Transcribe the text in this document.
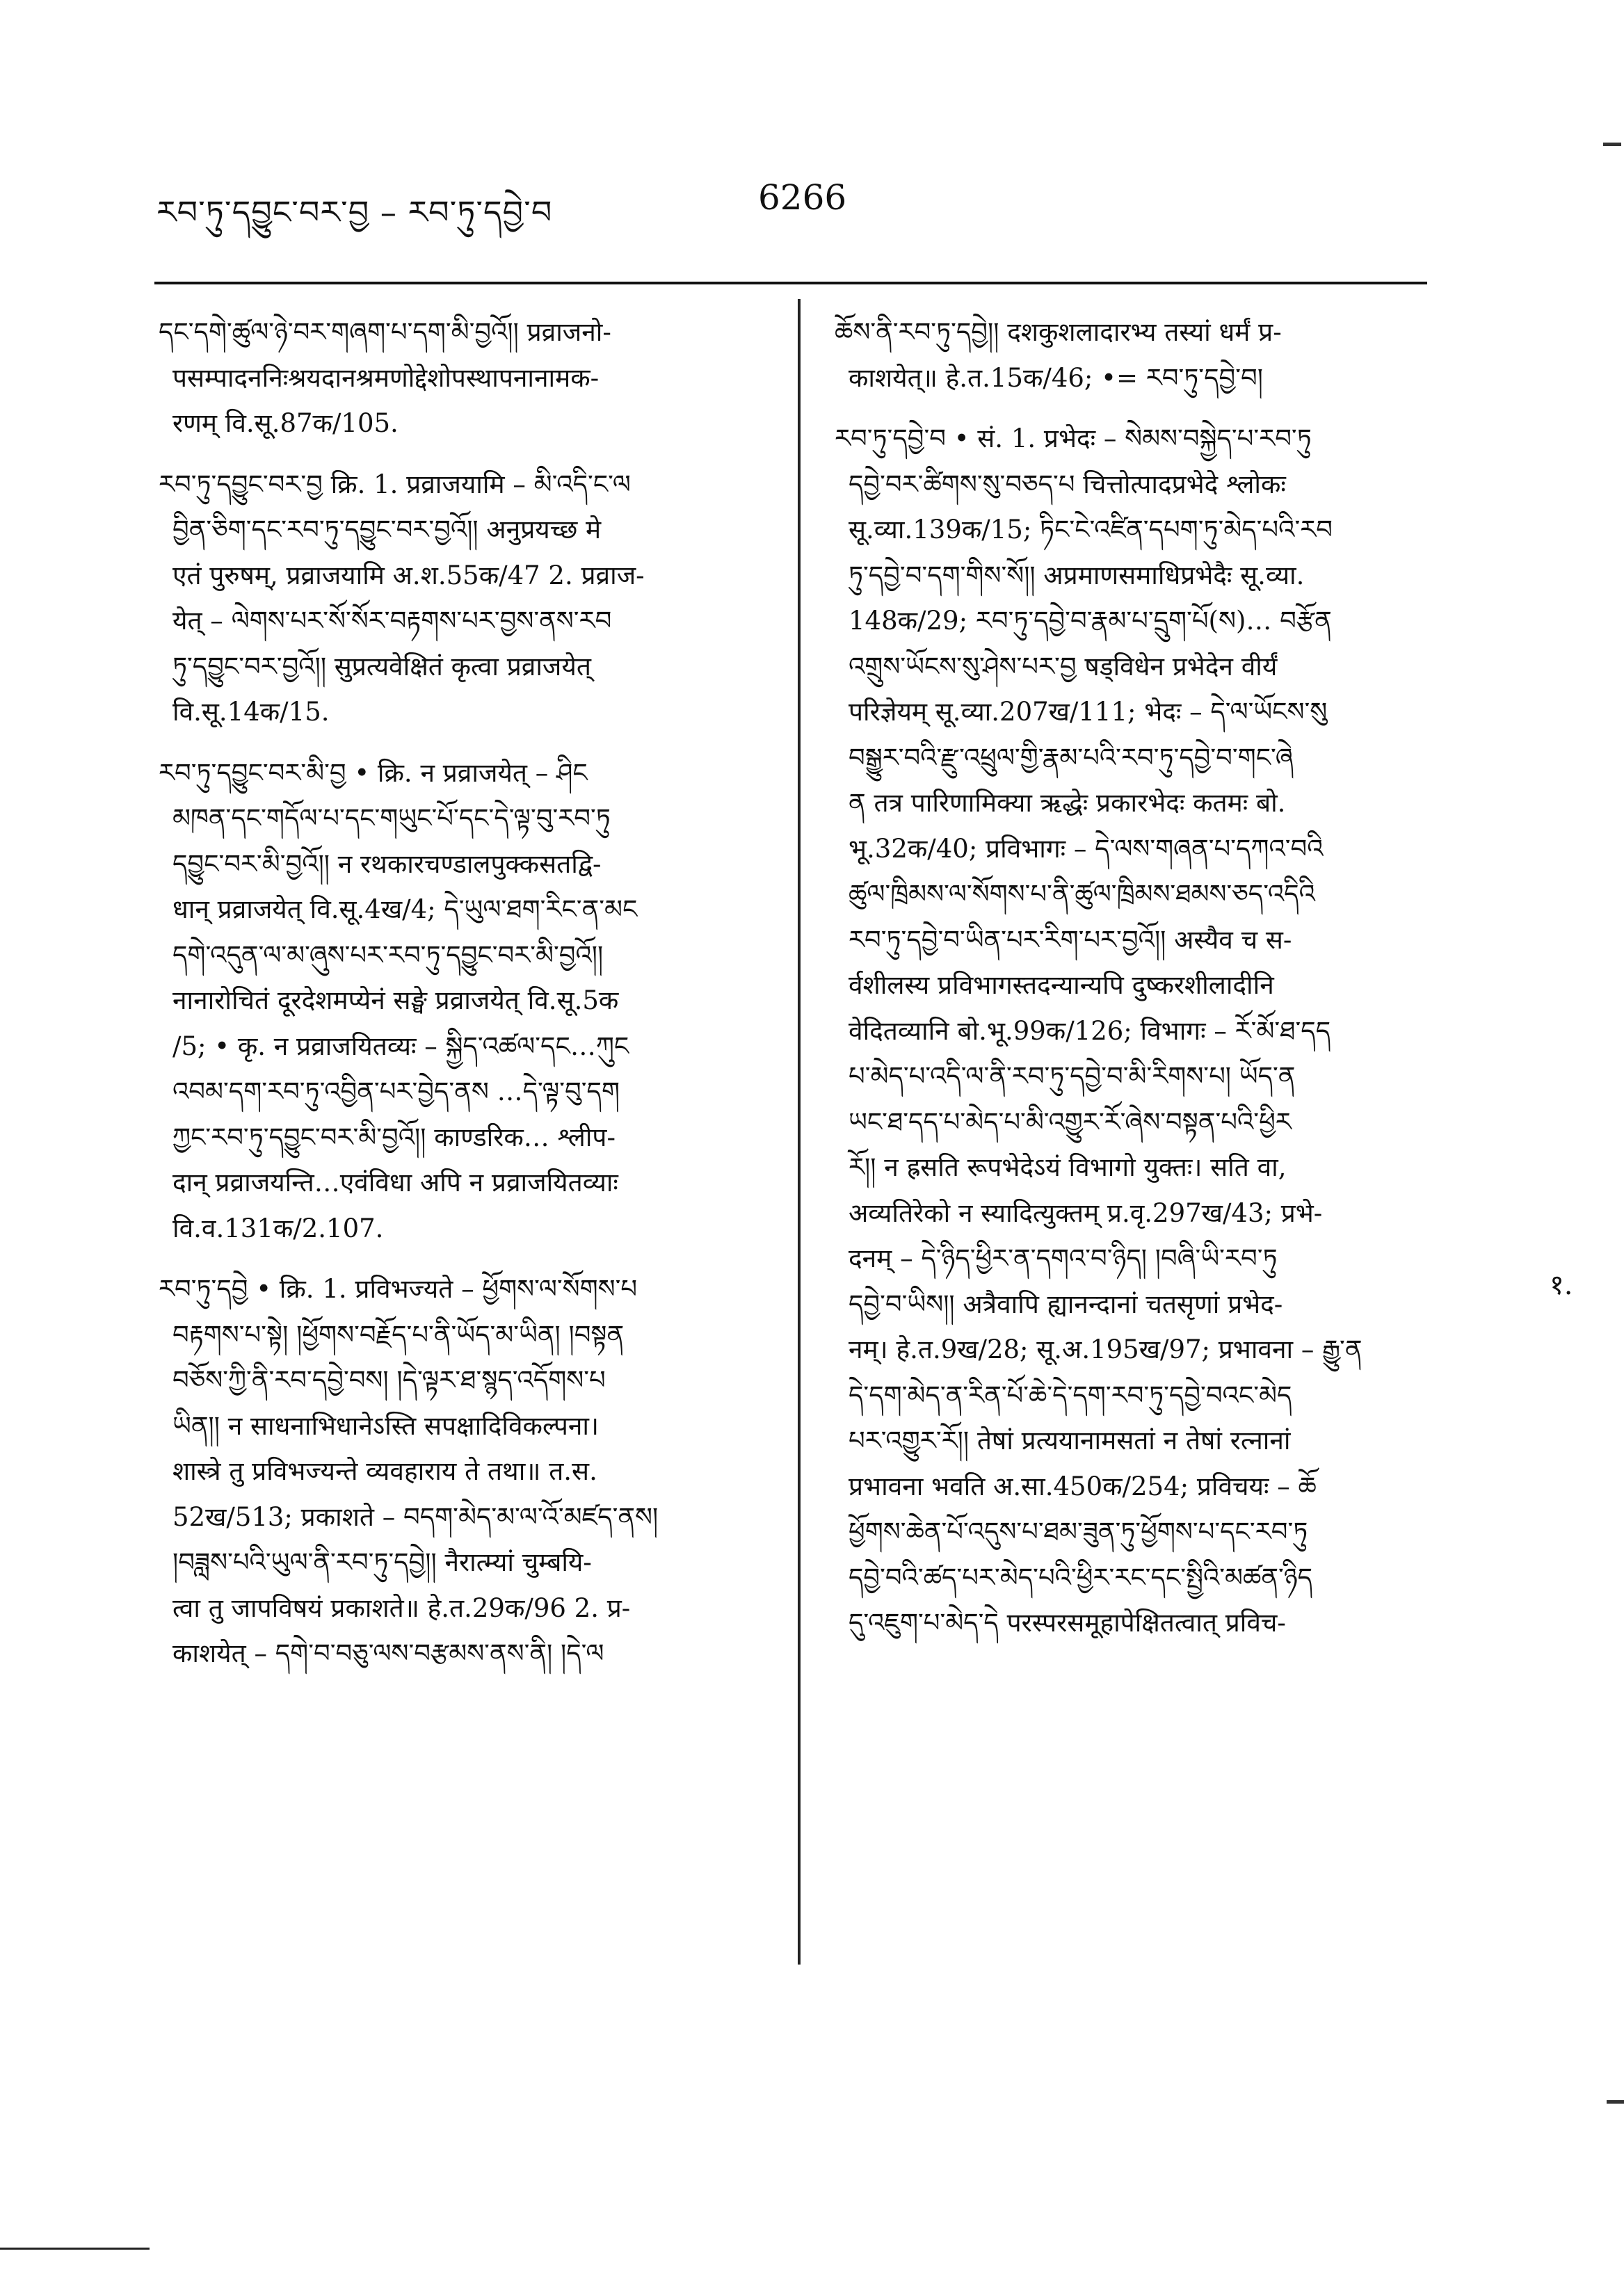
རབ་ཏུ་དབྱུང་བར་བྱ – རབ་ཏུ་དབྱེ་བ	6266

དང་དགེ་ཚུལ་ཉེ་བར་གཞག་པ་དག་མི་བྱའོ།། प्रव्राजनो-

पसम्पादननिःश्रयदानश्रमणोद्देशोपस्थापनानामक-

रणम् वि.सू.87क/105.

རབ་ཏུ་དབྱུང་བར་བྱ क्रि. 1. प्रव्राजयामि – མི་འདི་ང་ལ

བྱིན་ཅིག་དང་རབ་ཏུ་དབྱུང་བར་བྱའོ།། अनुप्रयच्छ मे

एतं पुरुषम्, प्रव्राजयामि अ.श.55क/47 2. प्रव्राज-

येत् – ལེགས་པར་སོ་སོར་བརྟགས་པར་བྱས་ནས་རབ

ཏུ་དབྱུང་བར་བྱའོ།། सुप्रत्यवेक्षितं कृत्वा प्रव्राजयेत्

वि.सू.14क/15.

རབ་ཏུ་དབྱུང་བར་མི་བྱ • क्रि. न प्रव्राजयेत् – ཤིང

མཁན་དང་གདོལ་པ་དང་གཡུང་པོ་དང་དེ་ལྟ་བུ་རབ་ཏུ

དབྱུང་བར་མི་བྱའོ།། न रथकारचण्डालपुक्कसतद्वि-

धान् प्रव्राजयेत् वि.सू.4ख/4; དེ་ཡུལ་ཐག་རིང་ན་མང

དགེ་འདུན་ལ་མ་ཞུས་པར་རབ་ཏུ་དབྱུང་བར་མི་བྱའོ།།

नानारोचितं दूरदेशमप्येनं सङ्घे प्रव्राजयेत् वि.सू.5क

/5; • कृ. न प्रव्राजयितव्यः – སྐྱིད་འཚལ་དང…ཀུང

འབམ་དག་རབ་ཏུ་འབྱིན་པར་བྱེད་ནས …དེ་ལྟ་བུ་དག

ཀྱང་རབ་ཏུ་དབྱུང་བར་མི་བྱའོ།། काण्डरिक… श्लीप-

दान् प्रव्राजयन्ति…एवंविधा अपि न प्रव्राजयितव्याः

वि.व.131क/2.107.

རབ་ཏུ་དབྱེ • क्रि. 1. प्रविभज्यते – ཕྱོགས་ལ་སོགས་པ

བརྟགས་པ་སྟེ། །ཕྱོགས་བརྗོད་པ་ནི་ཡོད་མ་ཡིན། །བསྟན

བཅོས་ཀྱི་ནི་རབ་དབྱེ་བས། །དེ་ལྟར་ཐ་སྙད་འདོགས་པ

ཡིན།། न साधनाभिधानेऽस्ति सपक्षादिविकल्पना।

शास्त्रे तु प्रविभज्यन्ते व्यवहाराय ते तथा॥ त.स.

52ख/513; प्रकाशते – བདག་མེད་མ་ལ་འོ་མཛད་ནས།

།བཟླས་པའི་ཡུལ་ནི་རབ་ཏུ་དབྱེ།། नैरात्म्यां चुम्बयि-

त्वा तु जापविषयं प्रकाशते॥ हे.त.29क/96 2. प्र-

काशयेत् – དགེ་བ་བཅུ་ལས་བརྩམས་ནས་ནི། །དེ་ལ

ཆོས་ནི་རབ་ཏུ་དབྱེ།། दशकुशलादारभ्य तस्यां धर्मं प्र-

काशयेत्॥ हे.त.15क/46; •= རབ་ཏུ་དབྱེ་བ།

རབ་ཏུ་དབྱེ་བ • सं. 1. प्रभेदः – སེམས་བསྐྱེད་པ་རབ་ཏུ

དབྱེ་བར་ཚིགས་སུ་བཅད་པ चित्तोत्पादप्रभेदे श्लोकः

सू.व्या.139क/15; ཏིང་ངེ་འཛིན་དཔག་ཏུ་མེད་པའི་རབ

ཏུ་དབྱེ་བ་དག་གིས་སོ།། अप्रमाणसमाधिप्रभेदैः सू.व्या.

148क/29; རབ་ཏུ་དབྱེ་བ་རྣམ་པ་དྲུག་པོ(ས)… བརྩོན

འགྲུས་ཡོངས་སུ་ཤེས་པར་བྱ षड्विधेन प्रभेदेन वीर्यं

परिज्ञेयम् सू.व्या.207ख/111; भेदः – དེ་ལ་ཡོངས་སུ

བསྒྱུར་བའི་རྫུ་འཕྲུལ་གྱི་རྣམ་པའི་རབ་ཏུ་དབྱེ་བ་གང་ཞེ

ན तत्र पारिणामिक्या ऋद्धेः प्रकारभेदः कतमः बो.

भू.32क/40; प्रविभागः – དེ་ལས་གཞན་པ་དཀའ་བའི

ཚུལ་ཁྲིམས་ལ་སོགས་པ་ནི་ཚུལ་ཁྲིམས་ཐམས་ཅད་འདིའི

རབ་ཏུ་དབྱེ་བ་ཡིན་པར་རིག་པར་བྱའོ།། अस्यैव च स-

र्वशीलस्य प्रविभागस्तदन्यान्यपि दुष्करशीलादीनि

वेदितव्यानि बो.भू.99क/126; विभागः – རོ་མོ་ཐ་དད

པ་མེད་པ་འདི་ལ་ནི་རབ་ཏུ་དབྱེ་བ་མི་རིགས་པ། ཡོད་ན

ཡང་ཐ་དད་པ་མེད་པ་མི་འགྱུར་རོ་ཞེས་བསྟན་པའི་ཕྱིར

རོ།། न ह्रसति रूपभेदेऽयं विभागो युक्तः। सति वा,

अव्यतिरेको न स्यादित्युक्तम् प्र.वृ.297ख/43; प्रभे-

दनम् – དེ་ཉིད་ཕྱིར་ན་དགའ་བ་ཉིད། །བཞི་ཡི་རབ་ཏུ

དབྱེ་བ་ཡིས།། अत्रैवापि ह्यानन्दानां चतसृणां प्रभेद-

नम्। हे.त.9ख/28; सू.अ.195ख/97; प्रभावना – རྒྱུ་ན

དེ་དག་མེད་ན་རིན་པོ་ཆེ་དེ་དག་རབ་ཏུ་དབྱེ་བའང་མེད

པར་འགྱུར་རོ།། तेषां प्रत्ययानामसतां न तेषां रत्नानां

प्रभावना भवति अ.सा.450क/254; प्रविचयः – ཆོ

ཕྱོགས་ཆེན་པོ་འདུས་པ་ཐམ་ཟུན་ཏུ་ཕྱོགས་པ་དང་རབ་ཏུ

དབྱེ་བའི་ཚད་པར་མེད་པའི་ཕྱིར་རང་དང་སྤྱིའི་མཚན་ཉིད

དུ་འཇུག་པ་མེད་དེ परस्परसमूहापेक्षितत्वात् प्रविच-

१.
